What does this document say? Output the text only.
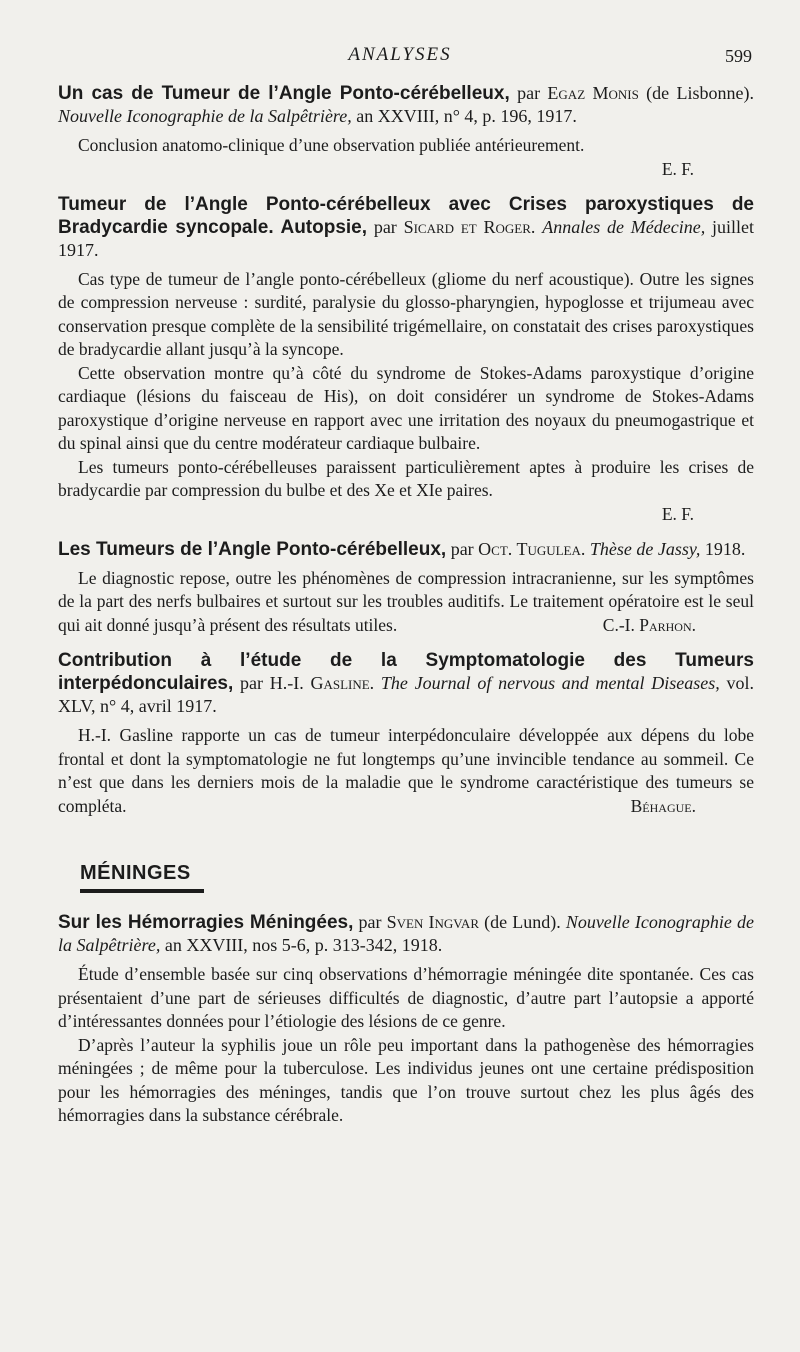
ANALYSES	599

Un cas de Tumeur de l’Angle Ponto-cérébelleux, par Egaz Monis (de Lisbonne). Nouvelle Iconographie de la Salpêtrière, an XXVIII, n° 4, p. 196, 1917.

Conclusion anatomo-clinique d’une observation publiée antérieurement.

E. F.

Tumeur de l’Angle Ponto-cérébelleux avec Crises paroxystiques de Bradycardie syncopale. Autopsie, par Sicard et Roger. Annales de Médecine, juillet 1917.

Cas type de tumeur de l’angle ponto-cérébelleux (gliome du nerf acoustique). Outre les signes de compression nerveuse : surdité, paralysie du glosso-pharyngien, hypoglosse et trijumeau avec conservation presque complète de la sensibilité trigémellaire, on constatait des crises paroxystiques de bradycardie allant jusqu’à la syncope.

Cette observation montre qu’à côté du syndrome de Stokes-Adams paroxystique d’origine cardiaque (lésions du faisceau de His), on doit considérer un syndrome de Stokes-Adams paroxystique d’origine nerveuse en rapport avec une irritation des noyaux du pneumogastrique et du spinal ainsi que du centre modérateur cardiaque bulbaire.

Les tumeurs ponto-cérébelleuses paraissent particulièrement aptes à produire les crises de bradycardie par compression du bulbe et des Xe et XIe paires.

E. F.

Les Tumeurs de l’Angle Ponto-cérébelleux, par Oct. Tugulea. Thèse de Jassy, 1918.

Le diagnostic repose, outre les phénomènes de compression intracranienne, sur les symptômes de la part des nerfs bulbaires et surtout sur les troubles auditifs. Le traitement opératoire est le seul qui ait donné jusqu’à présent des résultats utiles.	C.-I. Parhon.

Contribution à l’étude de la Symptomatologie des Tumeurs interpédonculaires, par H.-I. Gasline. The Journal of nervous and mental Diseases, vol. XLV, n° 4, avril 1917.

H.-I. Gasline rapporte un cas de tumeur interpédonculaire développée aux dépens du lobe frontal et dont la symptomatologie ne fut longtemps qu’une invincible tendance au sommeil. Ce n’est que dans les derniers mois de la maladie que le syndrome caractéristique des tumeurs se compléta.	Béhague.

MÉNINGES

Sur les Hémorragies Méningées, par Sven Ingvar (de Lund). Nouvelle Iconographie de la Salpêtrière, an XXVIII, nos 5-6, p. 313-342, 1918.

Étude d’ensemble basée sur cinq observations d’hémorragie méningée dite spontanée. Ces cas présentaient d’une part de sérieuses difficultés de diagnostic, d’autre part l’autopsie a apporté d’intéressantes données pour l’étiologie des lésions de ce genre.

D’après l’auteur la syphilis joue un rôle peu important dans la pathogenèse des hémorragies méningées ; de même pour la tuberculose. Les individus jeunes ont une certaine prédisposition pour les hémorragies des méninges, tandis que l’on trouve surtout chez les plus âgés des hémorragies dans la substance cérébrale.
